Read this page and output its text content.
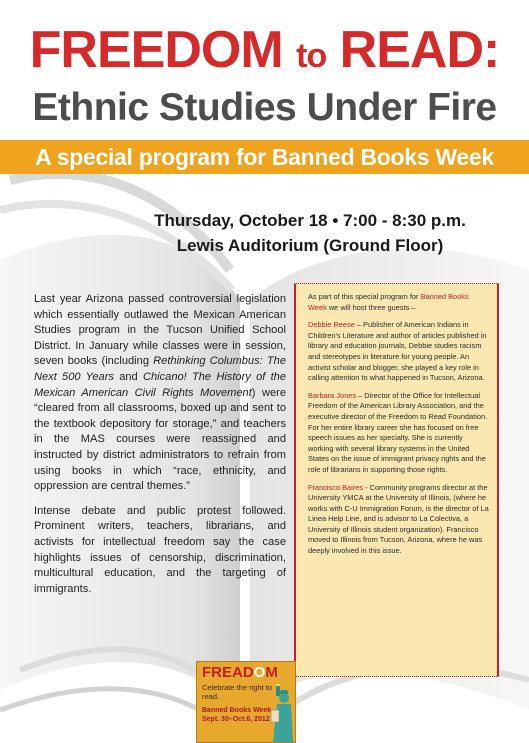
FREEDOM to READ:
Ethnic Studies Under Fire
A special program for Banned Books Week
Thursday, October 18 • 7:00 - 8:30 p.m.
Lewis Auditorium (Ground Floor)

Last year Arizona passed controversial legislation which essentially outlawed the Mexican American Studies program in the Tucson Unified School District. In January while classes were in session, seven books (including Rethinking Columbus: The Next 500 Years and Chicano! The History of the Mexican American Civil Rights Movement) were “cleared from all classrooms, boxed up and sent to the textbook depository for storage,” and teachers in the MAS courses were reassigned and instructed by district administrators to refrain from using books in which “race, ethnicity, and oppression are central themes.”

Intense debate and public protest followed. Prominent writers, teachers, librarians, and activists for intellectual freedom say the case highlights issues of censorship, discrimination, multicultural education, and the targeting of immigrants.

As part of this special program for Banned Books Week we will host three guests –

Debbie Reese – Publisher of American Indians in Children's Literature and author of articles published in library and education journals, Debbie studies racism and stereotypes in literature for young people. An activist scholar and blogger, she played a key role in calling attention to what happened in Tucson, Arizona.

Barbara Jones – Director of the Office for Intellectual Freedom of the American Library Association, and the executive director of the Freedom to Read Foundation. For her entire library career she has focused on free speech issues as her specialty. She is currently working with several library systems in the United States on the issue of immigrant privacy rights and the role of librarians in supporting those rights.

Francisco Baires - Community programs director at the University YMCA at the University of Illinois, (where he works with C-U Immigration Forum, is the director of La Linea Help Line, and is advisor to La Colectiva, a University of Illinois student organization). Francisco moved to Illinois from Tucson, Arizona, where he was deeply involved in this issue.

FREADOM
Celebrate the right to read.
Banned Books Week
Sept. 30–Oct.6, 2012
